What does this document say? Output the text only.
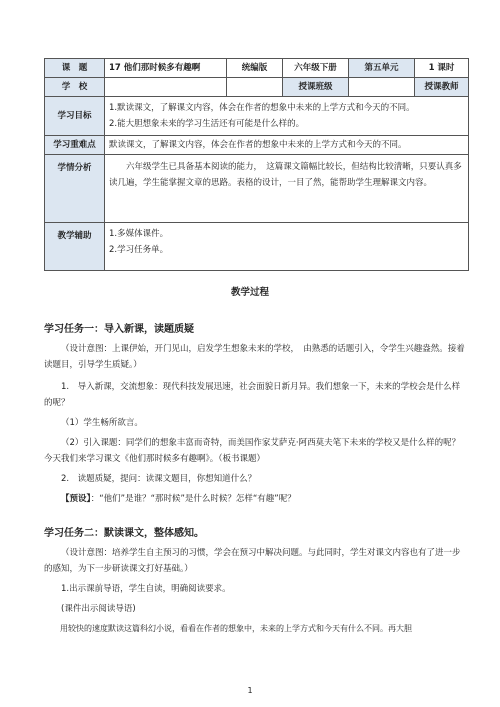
课　题	17 他们那时候多有趣啊	统编版	六年级下册	第五单元	1 课时
学　校			授课班级		授课教师
学习目标	1.默读课文，了解课文内容，体会在作者的想象中未来的上学方式和今天的不同。
2.能大胆想象未来的学习生活还有可能是什么样的。				

学习重难点	默读课文，了解课文内容，体会在作者的想象中未来的上学方式和今天的不同。				
学情分析	六年级学生已具备基本阅读的能力，　这篇课文篇幅比较长，但结构比较清晰，只要认真多读几遍，学生能掌握文章的思路。表格的设计，一目了然，能帮助学生理解课文内容。				

教学辅助	1.多媒体课件。
2.学习任务单。				
教学过程

学习任务一：导入新课，读题质疑

（设计意图：上课伊始，开门见山，启发学生想象未来的学校，　由熟悉的话题引入，令学生兴趣盎然。接着读题目，引导学生质疑。）

1.　导入新课，交流想象：现代科技发展迅速，社会面貌日新月异。我们想象一下，未来的学校会是什么样的呢？

（1）学生畅所欲言。

（2）引入课题：同学们的想象丰富而奇特，而美国作家艾萨克·阿西莫夫笔下未来的学校又是什么样的呢？今天我们来学习课文《他们那时候多有趣啊》。（板书课题）

2.　读题质疑，提问：读课文题目，你想知道什么？

【预设】：“他们”是谁？“那时候”是什么时候？怎样“有趣”呢？

学习任务二：默读课文，整体感知。

（设计意图：培养学生自主预习的习惯，学会在预习中解决问题。与此同时，学生对课文内容也有了进一步的感知，为下一步研读课文打好基础。）

1.出示课前导语，学生自读，明确阅读要求。

(课件出示阅读导语)

用较快的速度默读这篇科幻小说，看看在作者的想象中，未来的上学方式和今天有什么不同。再大胆

1
